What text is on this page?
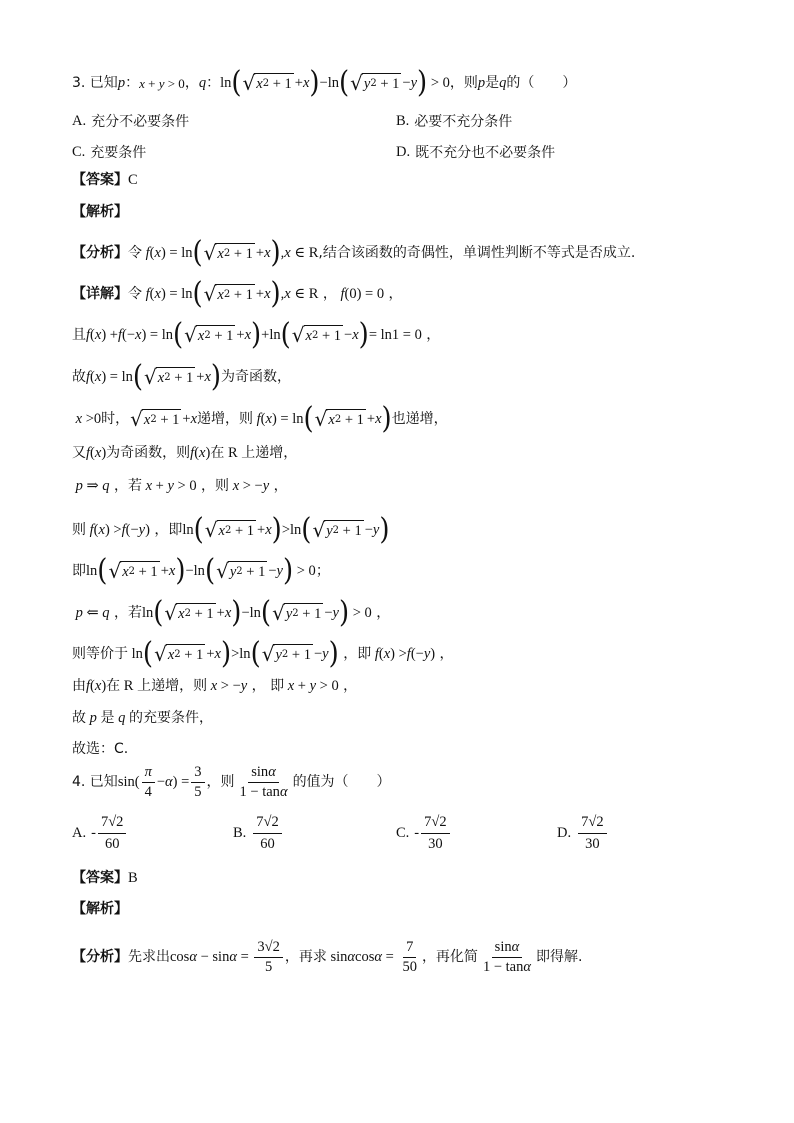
3. 已知 p ： x + y > 0 ， q ： ln ( √ x 2 + 1 + x ) −ln ( √ y 2 + 1 − y ) > 0 ，则 p 是 q 的（　　）
A. 充分不必要条件	B. 必要不充分条件
C. 充要条件	D. 既不充分也不必要条件
【答案】 C
【解析】
【分析】 令 f ( x ) = ln ( √ x 2 + 1 + x ) , x ∈ R ,结合该函数的奇偶性，单调性判断不等式是否成立.
【详解】 令 f ( x ) = ln ( √ x 2 + 1 + x ) , x ∈ R ， f (0) = 0 ，
且 f ( x ) + f (− x ) = ln ( √ x 2 + 1 + x ) +ln ( √ x 2 + 1 − x ) = ln1 = 0 ，
故 f ( x ) = ln ( √ x 2 + 1 + x ) 为奇函数，
x >0 时， √ x 2 + 1 + x 递增，则 f ( x ) = ln ( √ x 2 + 1 + x ) 也递增，
又 f ( x ) 为奇函数，则 f ( x ) 在 R 上递增，
p ⇒ q ，若 x + y > 0 ，则 x > − y ，
则 f ( x ) > f (− y ) ，即 ln ( √ x 2 + 1 + x ) >ln ( √ y 2 + 1 − y )
即 ln ( √ x 2 + 1 + x ) −ln ( √ y 2 + 1 − y ) > 0 ；
p ⇐ q ，若 ln ( √ x 2 + 1 + x ) −ln ( √ y 2 + 1 − y ) > 0 ，
则等价于 ln ( √ x 2 + 1 + x ) >ln ( √ y 2 + 1 − y ) ，即 f ( x ) > f (− y ) ，
由 f ( x ) 在 R 上递增，则 x > − y ， 即 x + y > 0 ，
故 p 是 q 的充要条件，
故选：C.
4. 已知 $\sin( \frac{\pi}{4} - \alpha$ ) = $\frac{3}{5}$ ，则 $\frac{\sin\alpha}{1 - \tan\alpha}$ 的值为（　　）
A. - $\frac{7√2}{60}$	B. $\frac{7√2}{60}$	C. - $\frac{7√2}{30}$	D. $\frac{7√2}{30}$
【答案】 B
【解析】
【分析】 先求出 $\cos \alpha - \sin \alpha = \frac{3√2}{5}$ ，再求 sin α $\cos \alpha = \frac{7}{50}$ ，再化简 $\frac{\sin\alpha}{1 - \tan\alpha}$ 即得解.
